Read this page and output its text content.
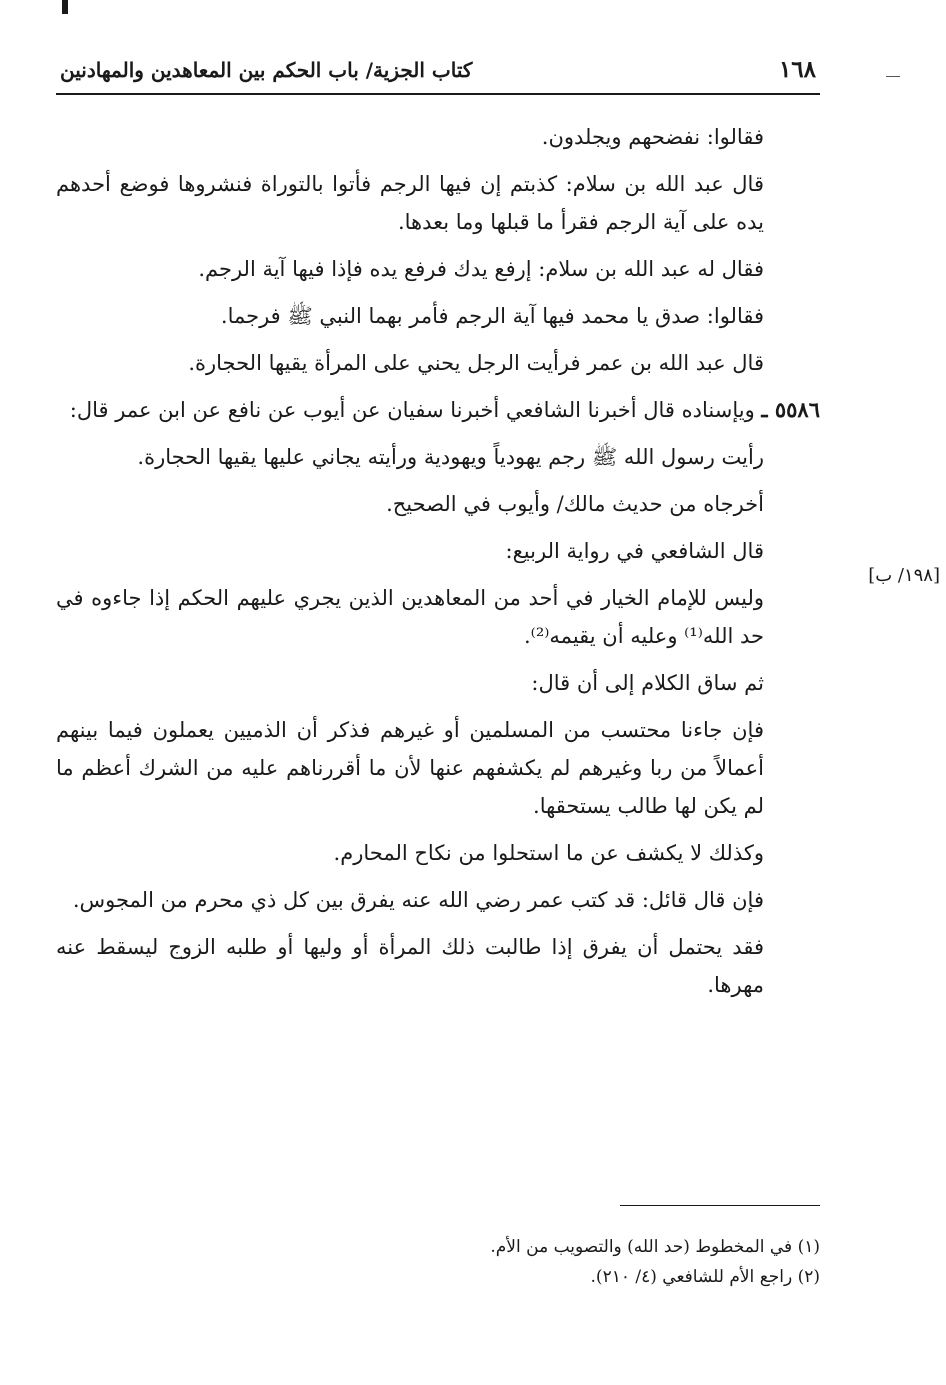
١٦٨
كتاب الجزية/ باب الحكم بين المعاهدين والمهادنين
[١٩٨/ ب]

فقالوا: نفضحهم ويجلدون.

قال عبد الله بن سلام: كذبتم إن فيها الرجم فأتوا بالتوراة فنشروها فوضع أحدهم يده على آية الرجم فقرأ ما قبلها وما بعدها.

فقال له عبد الله بن سلام: إرفع يدك فرفع يده فإذا فيها آية الرجم.

فقالوا: صدق يا محمد فيها آية الرجم فأمر بهما النبي ﷺ فرجما.

قال عبد الله بن عمر فرأيت الرجل يحني على المرأة يقيها الحجارة.

٥٥٨٦ ـ ويإسناده قال أخبرنا الشافعي أخبرنا سفيان عن أيوب عن نافع عن ابن عمر قال:

رأيت رسول الله ﷺ رجم يهودياً ويهودية ورأيته يجاني عليها يقيها الحجارة.

أخرجاه من حديث مالك/ وأيوب في الصحيح.

قال الشافعي في رواية الربيع:

وليس للإمام الخيار في أحد من المعاهدين الذين يجري عليهم الحكم إذا جاءوه في حد الله⁽¹⁾ وعليه أن يقيمه⁽²⁾.

ثم ساق الكلام إلى أن قال:

فإن جاءنا محتسب من المسلمين أو غيرهم فذكر أن الذميين يعملون فيما بينهم أعمالاً من ربا وغيرهم لم يكشفهم عنها لأن ما أقررناهم عليه من الشرك أعظم ما لم يكن لها طالب يستحقها.

وكذلك لا يكشف عن ما استحلوا من نكاح المحارم.

فإن قال قائل: قد كتب عمر رضي الله عنه يفرق بين كل ذي محرم من المجوس.

فقد يحتمل أن يفرق إذا طالبت ذلك المرأة أو وليها أو طلبه الزوج ليسقط عنه مهرها.

(١) في المخطوط (حد الله) والتصويب من الأم.
(٢) راجع الأم للشافعي (٤/ ٢١٠).
